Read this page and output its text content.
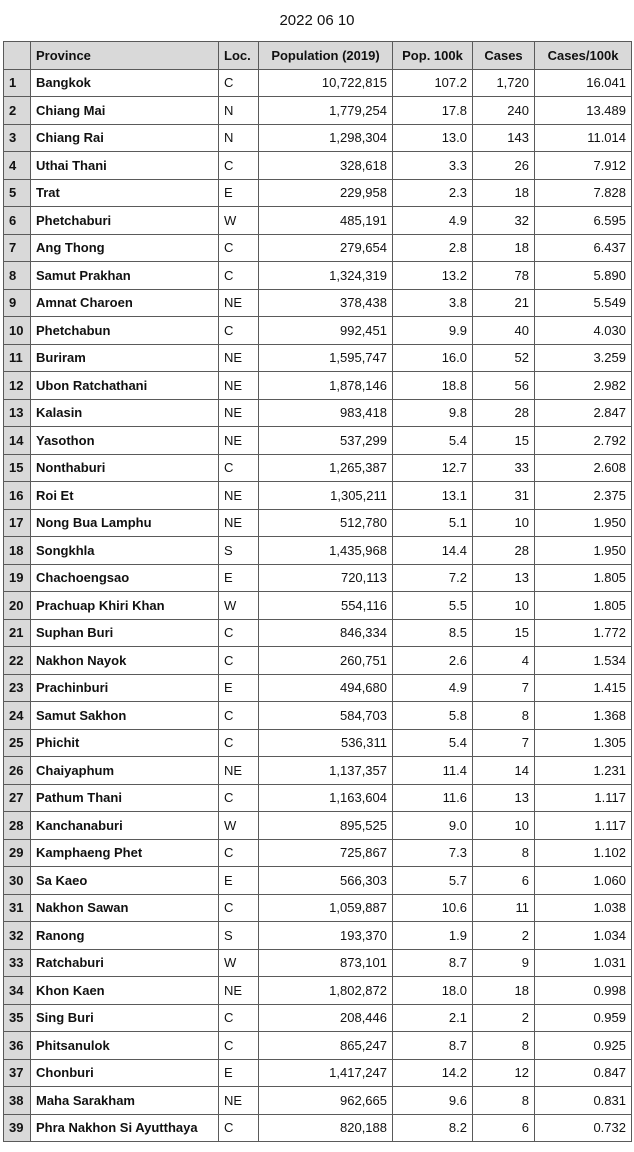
2022 06 10
	Province	Loc.	Population (2019)	Pop. 100k	Cases	Cases/100k
1	Bangkok	C	10,722,815	107.2	1,720	16.041
2	Chiang Mai	N	1,779,254	17.8	240	13.489
3	Chiang Rai	N	1,298,304	13.0	143	11.014
4	Uthai Thani	C	328,618	3.3	26	7.912
5	Trat	E	229,958	2.3	18	7.828
6	Phetchaburi	W	485,191	4.9	32	6.595
7	Ang Thong	C	279,654	2.8	18	6.437
8	Samut Prakhan	C	1,324,319	13.2	78	5.890
9	Amnat Charoen	NE	378,438	3.8	21	5.549
10	Phetchabun	C	992,451	9.9	40	4.030
11	Buriram	NE	1,595,747	16.0	52	3.259
12	Ubon Ratchathani	NE	1,878,146	18.8	56	2.982
13	Kalasin	NE	983,418	9.8	28	2.847
14	Yasothon	NE	537,299	5.4	15	2.792
15	Nonthaburi	C	1,265,387	12.7	33	2.608
16	Roi Et	NE	1,305,211	13.1	31	2.375
17	Nong Bua Lamphu	NE	512,780	5.1	10	1.950
18	Songkhla	S	1,435,968	14.4	28	1.950
19	Chachoengsao	E	720,113	7.2	13	1.805
20	Prachuap Khiri Khan	W	554,116	5.5	10	1.805
21	Suphan Buri	C	846,334	8.5	15	1.772
22	Nakhon Nayok	C	260,751	2.6	4	1.534
23	Prachinburi	E	494,680	4.9	7	1.415
24	Samut Sakhon	C	584,703	5.8	8	1.368
25	Phichit	C	536,311	5.4	7	1.305
26	Chaiyaphum	NE	1,137,357	11.4	14	1.231
27	Pathum Thani	C	1,163,604	11.6	13	1.117
28	Kanchanaburi	W	895,525	9.0	10	1.117
29	Kamphaeng Phet	C	725,867	7.3	8	1.102
30	Sa Kaeo	E	566,303	5.7	6	1.060
31	Nakhon Sawan	C	1,059,887	10.6	11	1.038
32	Ranong	S	193,370	1.9	2	1.034
33	Ratchaburi	W	873,101	8.7	9	1.031
34	Khon Kaen	NE	1,802,872	18.0	18	0.998
35	Sing Buri	C	208,446	2.1	2	0.959
36	Phitsanulok	C	865,247	8.7	8	0.925
37	Chonburi	E	1,417,247	14.2	12	0.847
38	Maha Sarakham	NE	962,665	9.6	8	0.831
39	Phra Nakhon Si Ayutthaya	C	820,188	8.2	6	0.732
